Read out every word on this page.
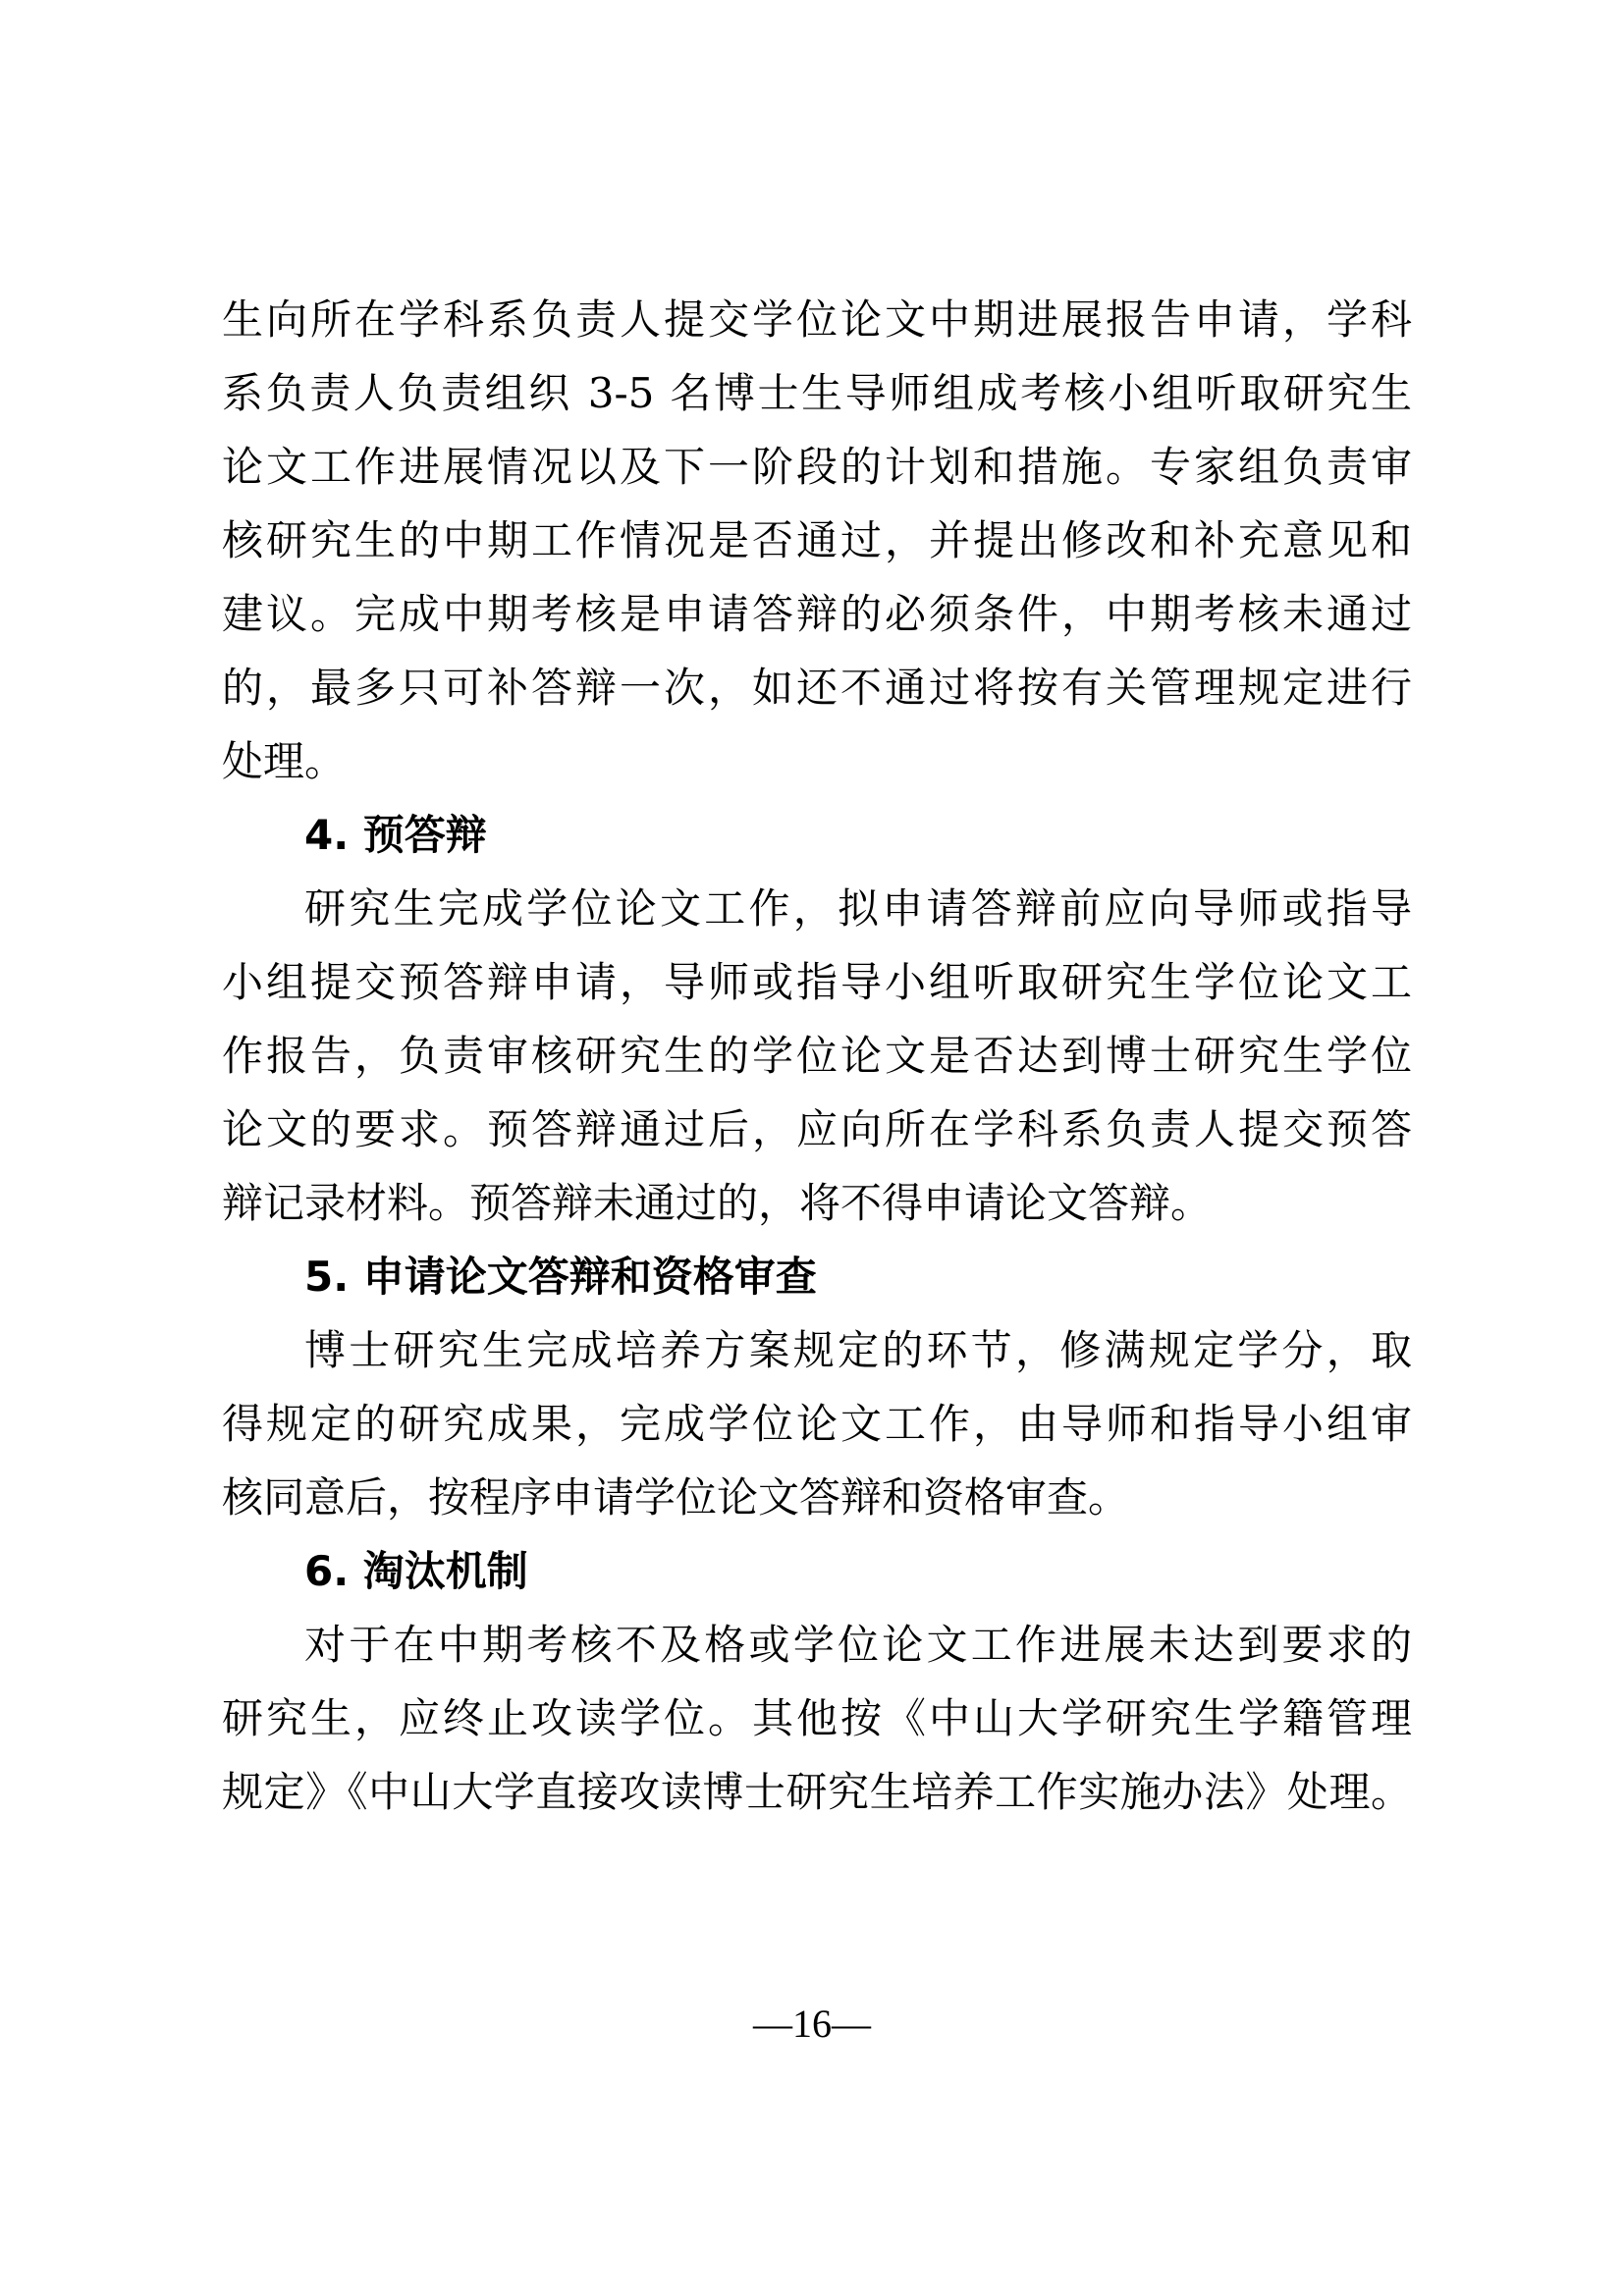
生向所在学科系负责人提交学位论文中期进展报告申请，学科
系负责人负责组织 3-5 名博士生导师组成考核小组听取研究生
论文工作进展情况以及下一阶段的计划和措施。专家组负责审
核研究生的中期工作情况是否通过，并提出修改和补充意见和
建议。完成中期考核是申请答辩的必须条件，中期考核未通过
的，最多只可补答辩一次，如还不通过将按有关管理规定进行
处理。
4. 预答辩
研究生完成学位论文工作，拟申请答辩前应向导师或指导
小组提交预答辩申请，导师或指导小组听取研究生学位论文工
作报告，负责审核研究生的学位论文是否达到博士研究生学位
论文的要求。预答辩通过后，应向所在学科系负责人提交预答
辩记录材料。预答辩未通过的，将不得申请论文答辩。
5. 申请论文答辩和资格审查
博士研究生完成培养方案规定的环节，修满规定学分，取
得规定的研究成果，完成学位论文工作，由导师和指导小组审
核同意后，按程序申请学位论文答辩和资格审查。
6. 淘汰机制
对于在中期考核不及格或学位论文工作进展未达到要求的
研究生，应终止攻读学位。其他按《中山大学研究生学籍管理
规定》《中山大学直接攻读博士研究生培养工作实施办法》处理。
—16—
